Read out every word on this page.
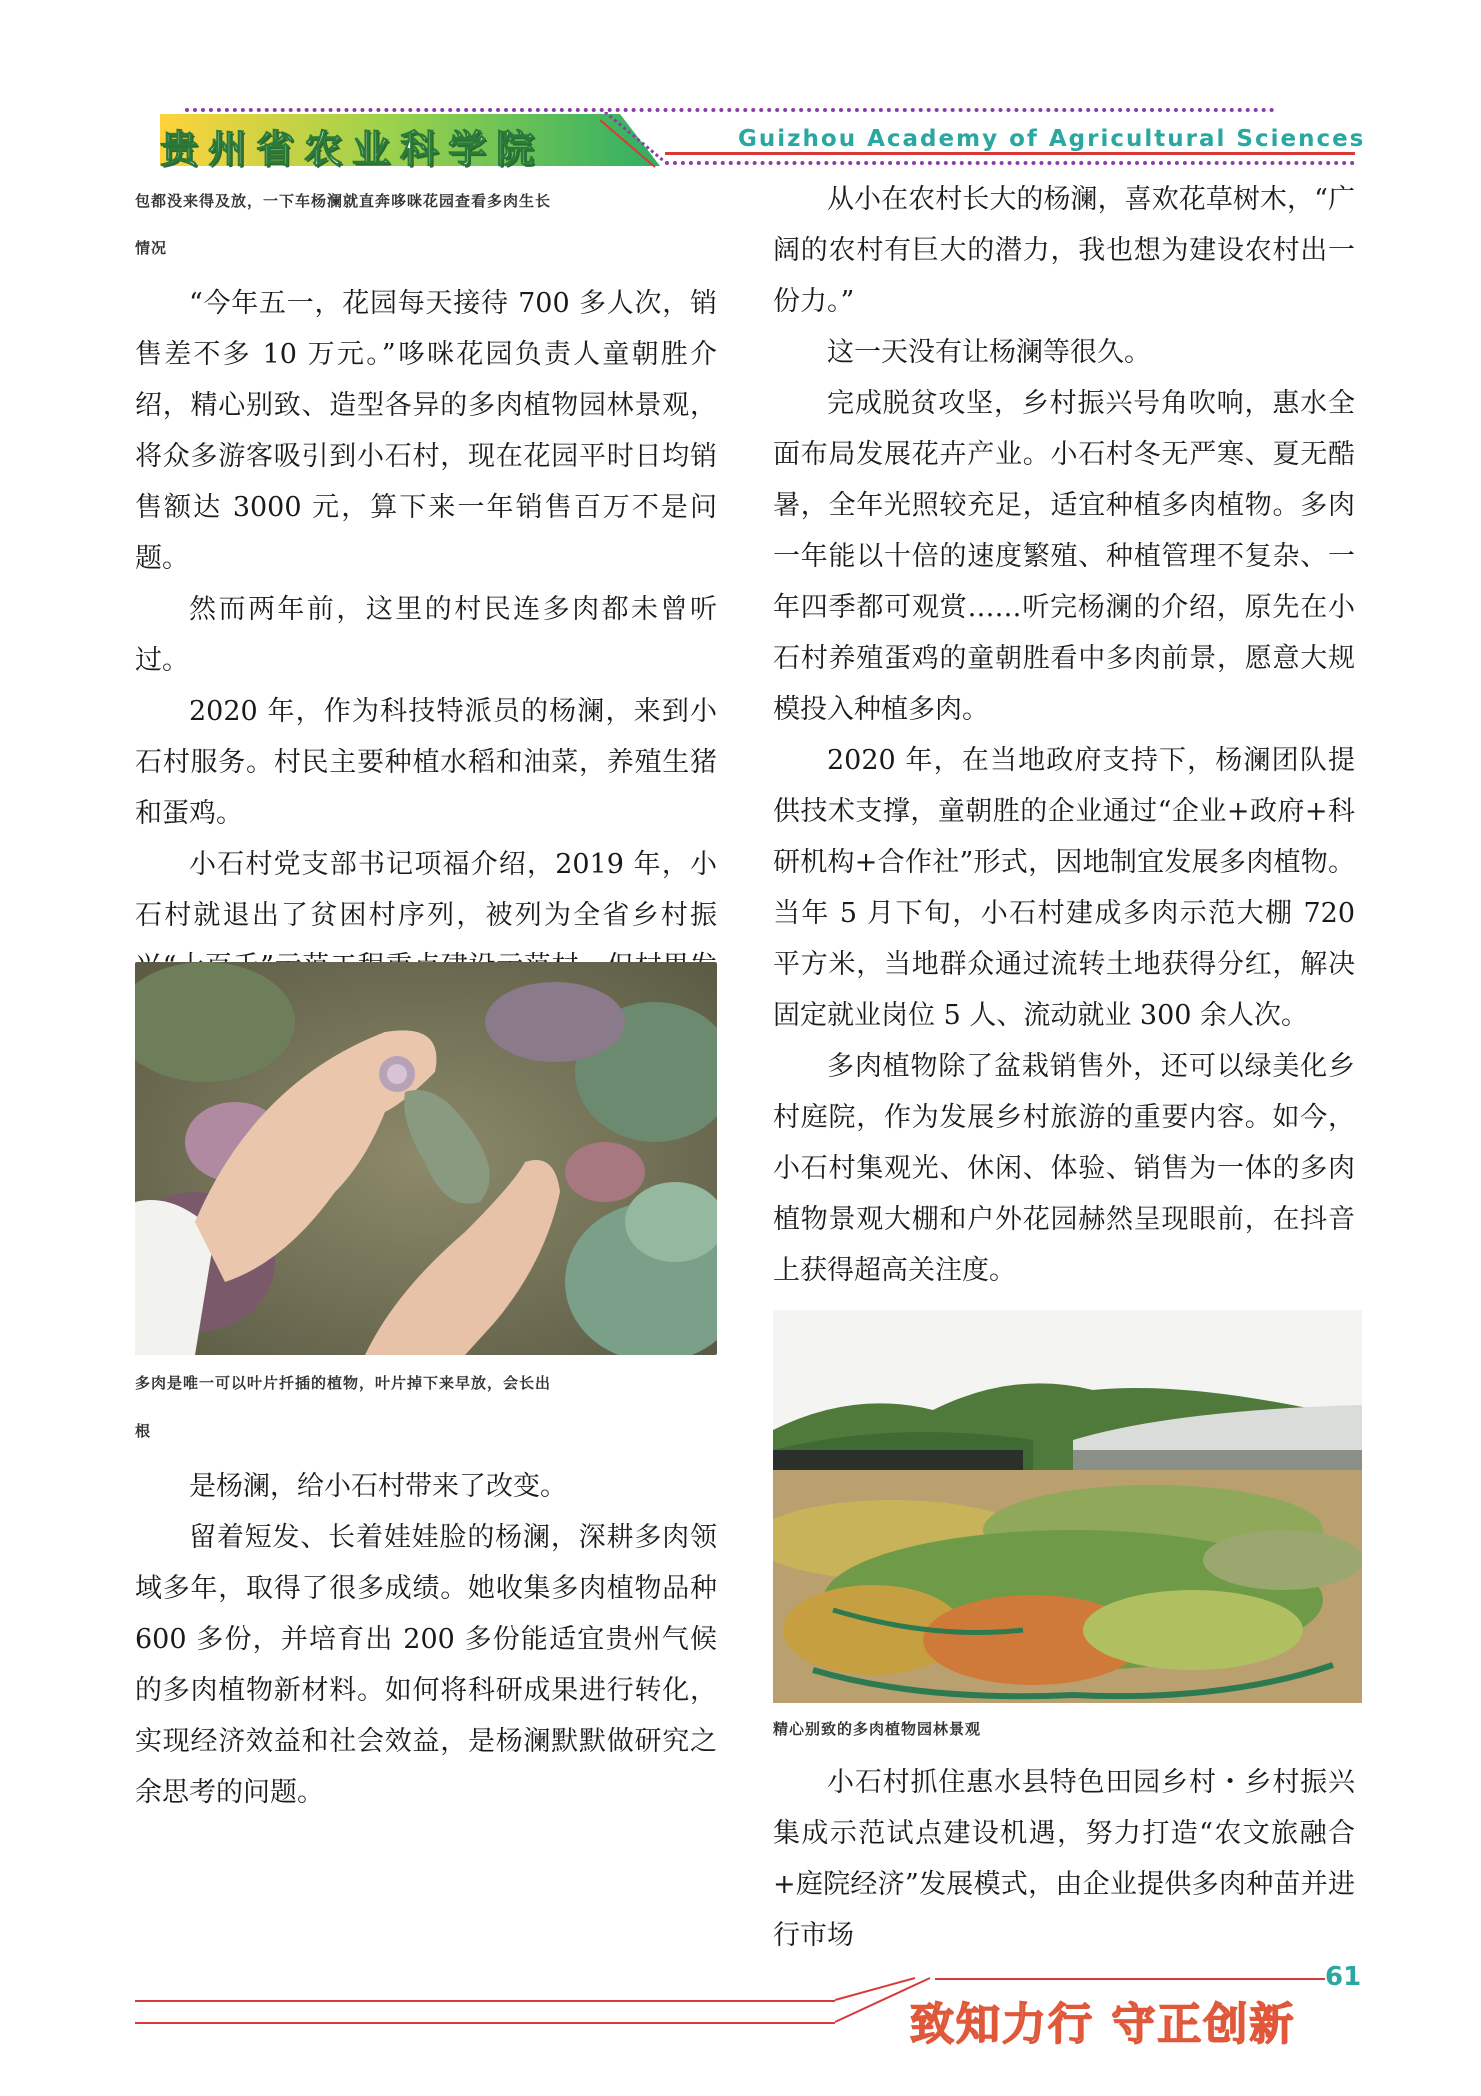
贵州省农业科学院	Guizhou Academy of Agricultural Sciences
包都没来得及放，一下车杨澜就直奔哆咪花园查看多肉生长
情况

“今年五一，花园每天接待 700 多人次，销售差不多 10 万元。”哆咪花园负责人童朝胜介绍，精心别致、造型各异的多肉植物园林景观，将众多游客吸引到小石村，现在花园平时日均销售额达 3000 元，算下来一年销售百万不是问题。

然而两年前，这里的村民连多肉都未曾听过。

2020 年，作为科技特派员的杨澜，来到小石村服务。村民主要种植水稻和油菜，养殖生猪和蛋鸡。

小石村党支部书记项福介绍，2019 年，小石村就退出了贫困村序列，被列为全省乡村振

多肉是唯一可以叶片扦插的植物，叶片掉下来早放，会长出
根

是杨澜，给小石村带来了改变。

留着短发、长着娃娃脸的杨澜，深耕多肉领域多年，取得了很多成绩。她收集多肉植物品种 600 多份，并培育出 200 多份能适宜贵州气候的多肉植物新材料。如何将科研成果进行转化，实现经济效益和社会效益，是杨澜默默做研究之余思考的问题。

从小在农村长大的杨澜，喜欢花草树木，“广阔的农村有巨大的潜力，我也想为建设农村出一份力。”

这一天没有让杨澜等很久。

完成脱贫攻坚，乡村振兴号角吹响，惠水全面布局发展花卉产业。小石村冬无严寒、夏无酷暑，全年光照较充足，适宜种植多肉植物。多肉一年能以十倍的速度繁殖、种植管理不复杂、一年四季都可观赏……听完杨澜的介绍，原先在小石村养殖蛋鸡的童朝胜看中多肉前景，愿意大规模投入种植多肉。

2020 年，在当地政府支持下，杨澜团队提供技术支撑，童朝胜的企业通过“企业+政府+科研机构+合作社”形式，因地制宜发展多肉植物。当年 5 月下旬，小石村建成多肉示范大棚 720 平方米，当地群众通过流转土地获得分红，解决固定就业岗位 5 人、流动就业 300 余人次。

多肉植物除了盆栽销售外，还可以绿美化乡村庭院，作为发展乡村旅游的重要内容。如今，小石村集观光、休闲、体验、销售为一体的多肉植物景观大棚和户外花园赫然呈现眼前，在抖音上获得超高关注度。

精心别致的多肉植物园林景观

小石村抓住惠水县特色田园乡村・乡村振兴集成示范试点建设机遇，努力打造“农文旅融合+庭院经济”发展模式，由企业提供多肉种苗并进行市场

61
致知力行 守正创新
